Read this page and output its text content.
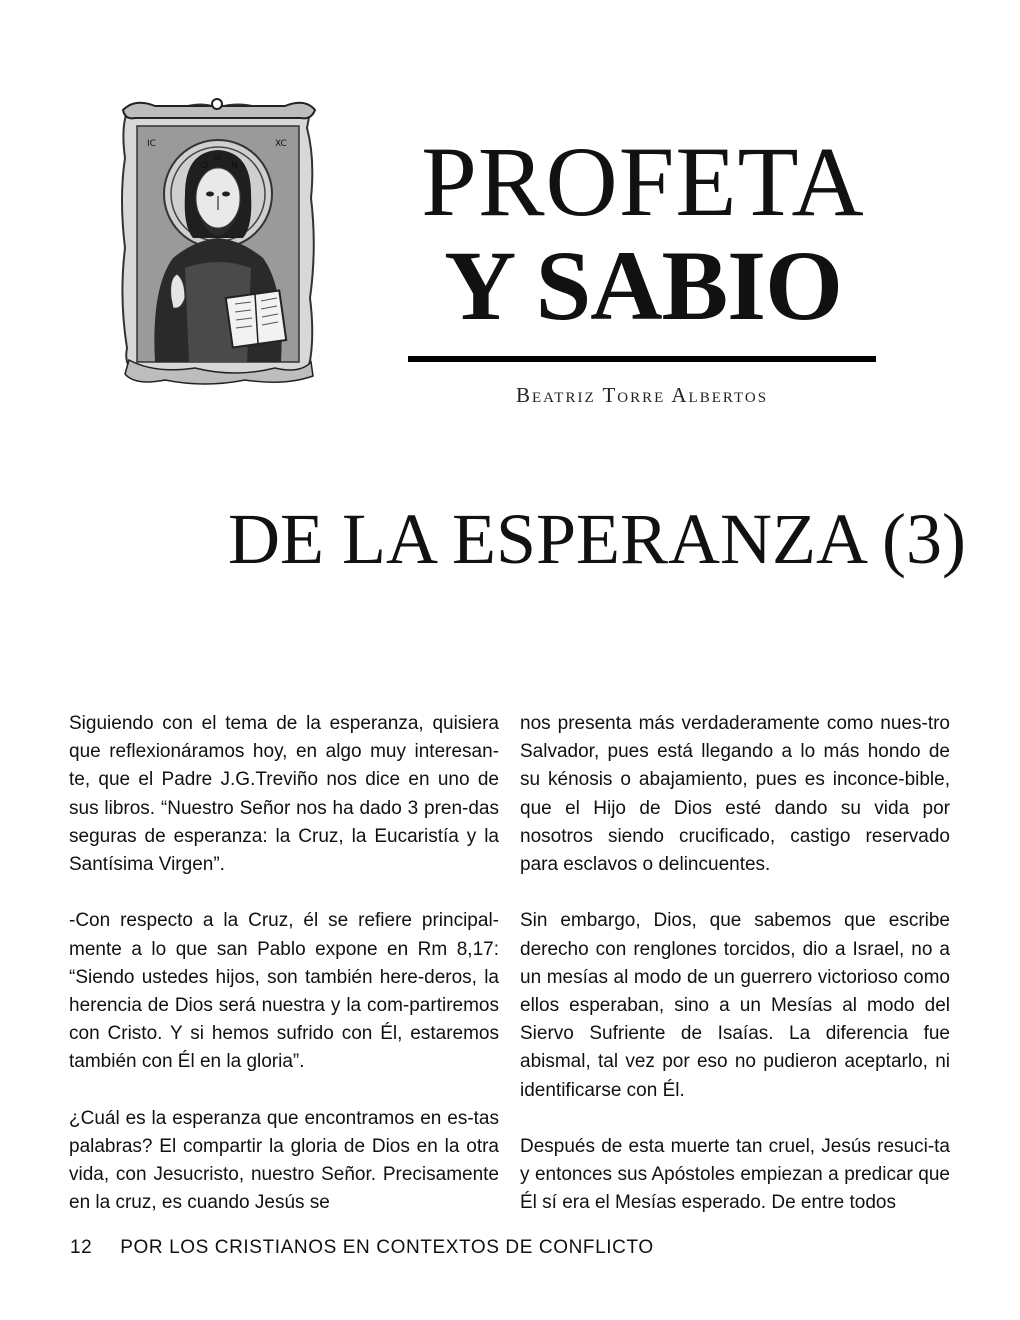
O
ω
N
IC	XC PROFETA
Y SABIO
Beatriz Torre Albertos
DE LA ESPERANZA (3)

Siguiendo con el tema de la esperanza, quisiera que reflexionáramos hoy, en algo muy interesan-te, que el Padre J.G.Treviño nos dice en uno de sus libros. “Nuestro Señor nos ha dado 3 pren-das seguras de esperanza: la Cruz, la Eucaristía y la Santísima Virgen”.

-Con respecto a la Cruz, él se refiere principal-mente a lo que san Pablo expone en Rm 8,17: “Siendo ustedes hijos, son también here-deros, la herencia de Dios será nuestra y la com-partiremos con Cristo. Y si hemos sufrido con Él, estaremos también con Él en la gloria”.

¿Cuál es la esperanza que encontramos en es-tas palabras? El compartir la gloria de Dios en la otra vida, con Jesucristo, nuestro Señor. Precisamente en la cruz, es cuando Jesús se

nos presenta más verdaderamente como nues-tro Salvador, pues está llegando a lo más hondo de su kénosis o abajamiento, pues es inconce-bible, que el Hijo de Dios esté dando su vida por nosotros siendo crucificado, castigo reservado para esclavos o delincuentes.

Sin embargo, Dios, que sabemos que escribe derecho con renglones torcidos, dio a Israel, no a un mesías al modo de un guerrero victorioso como ellos esperaban, sino a un Mesías al modo del Siervo Sufriente de Isaías. La diferencia fue abismal, tal vez por eso no pudieron aceptarlo, ni identificarse con Él.

Después de esta muerte tan cruel, Jesús resuci-ta y entonces sus Apóstoles empiezan a predicar que Él sí era el Mesías esperado. De entre todos

12 POR LOS CRISTIANOS EN CONTEXTOS DE CONFLICTO
